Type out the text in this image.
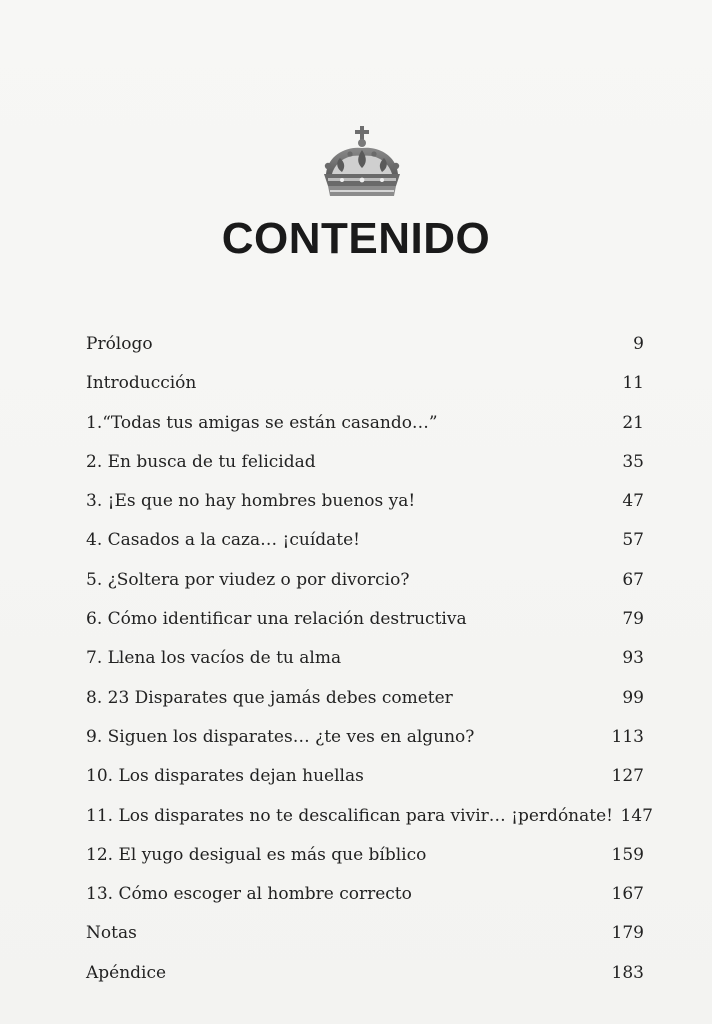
CONTENIDO
Prólogo	9
Introducción	11
1.“Todas tus amigas se están casando…”	21
2. En busca de tu felicidad	35
3. ¡Es que no hay hombres buenos ya!	47
4. Casados a la caza… ¡cuídate!	57
5. ¿Soltera por viudez o por divorcio?	67
6. Cómo identificar una relación destructiva	79
7. Llena los vacíos de tu alma	93
8. 23 Disparates que jamás debes cometer	99
9. Siguen los disparates… ¿te ves en alguno?	113
10. Los disparates dejan huellas	127
11. Los disparates no te descalifican para vivir… ¡perdónate! 147
12. El yugo desigual es más que bíblico	159
13. Cómo escoger al hombre correcto	167
Notas	179
Apéndice	183
